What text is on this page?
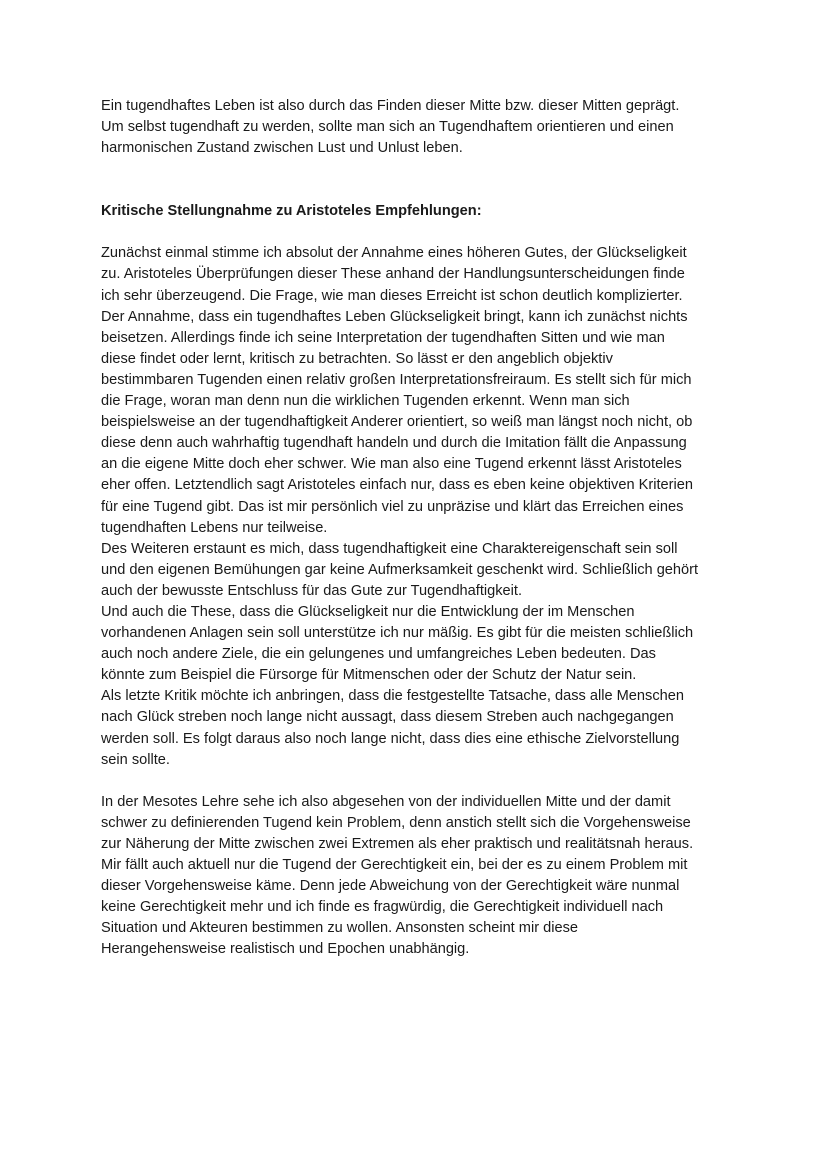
Ein tugendhaftes Leben ist also durch das Finden dieser Mitte bzw. dieser Mitten geprägt.
Um selbst tugendhaft zu werden, sollte man sich an Tugendhaftem orientieren und einen
harmonischen Zustand zwischen Lust und Unlust leben.

Kritische Stellungnahme zu Aristoteles Empfehlungen:

Zunächst einmal stimme ich absolut der Annahme eines höheren Gutes, der Glückseligkeit
zu. Aristoteles Überprüfungen dieser These anhand der Handlungsunterscheidungen finde
ich sehr überzeugend. Die Frage, wie man dieses Erreicht ist schon deutlich komplizierter.
Der Annahme, dass ein tugendhaftes Leben Glückseligkeit bringt, kann ich zunächst nichts
beisetzen. Allerdings finde ich seine Interpretation der tugendhaften Sitten und wie man
diese findet oder lernt, kritisch zu betrachten. So lässt er den angeblich objektiv
bestimmbaren Tugenden einen relativ großen Interpretationsfreiraum. Es stellt sich für mich
die Frage, woran man denn nun die wirklichen Tugenden erkennt. Wenn man sich
beispielsweise an der tugendhaftigkeit Anderer orientiert, so weiß man längst noch nicht, ob
diese denn auch wahrhaftig tugendhaft handeln und durch die Imitation fällt die Anpassung
an die eigene Mitte doch eher schwer. Wie man also eine Tugend erkennt lässt Aristoteles
eher offen. Letztendlich sagt Aristoteles einfach nur, dass es eben keine objektiven Kriterien
für eine Tugend gibt. Das ist mir persönlich viel zu unpräzise und klärt das Erreichen eines
tugendhaften Lebens nur teilweise.
Des Weiteren erstaunt es mich, dass tugendhaftigkeit eine Charaktereigenschaft sein soll
und den eigenen Bemühungen gar keine Aufmerksamkeit geschenkt wird. Schließlich gehört
auch der bewusste Entschluss für das Gute zur Tugendhaftigkeit.
Und auch die These, dass die Glückseligkeit nur die Entwicklung der im Menschen
vorhandenen Anlagen sein soll unterstütze ich nur mäßig. Es gibt für die meisten schließlich
auch noch andere Ziele, die ein gelungenes und umfangreiches Leben bedeuten. Das
könnte zum Beispiel die Fürsorge für Mitmenschen oder der Schutz der Natur sein.
Als letzte Kritik möchte ich anbringen, dass die festgestellte Tatsache, dass alle Menschen
nach Glück streben noch lange nicht aussagt, dass diesem Streben auch nachgegangen
werden soll. Es folgt daraus also noch lange nicht, dass dies eine ethische Zielvorstellung
sein sollte.

In der Mesotes Lehre sehe ich also abgesehen von der individuellen Mitte und der damit
schwer zu definierenden Tugend kein Problem, denn anstich stellt sich die Vorgehensweise
zur Näherung der Mitte zwischen zwei Extremen als eher praktisch und realitätsnah heraus.
Mir fällt auch aktuell nur die Tugend der Gerechtigkeit ein, bei der es zu einem Problem mit
dieser Vorgehensweise käme. Denn jede Abweichung von der Gerechtigkeit wäre nunmal
keine Gerechtigkeit mehr und ich finde es fragwürdig, die Gerechtigkeit individuell nach
Situation und Akteuren bestimmen zu wollen. Ansonsten scheint mir diese
Herangehensweise realistisch und Epochen unabhängig.
